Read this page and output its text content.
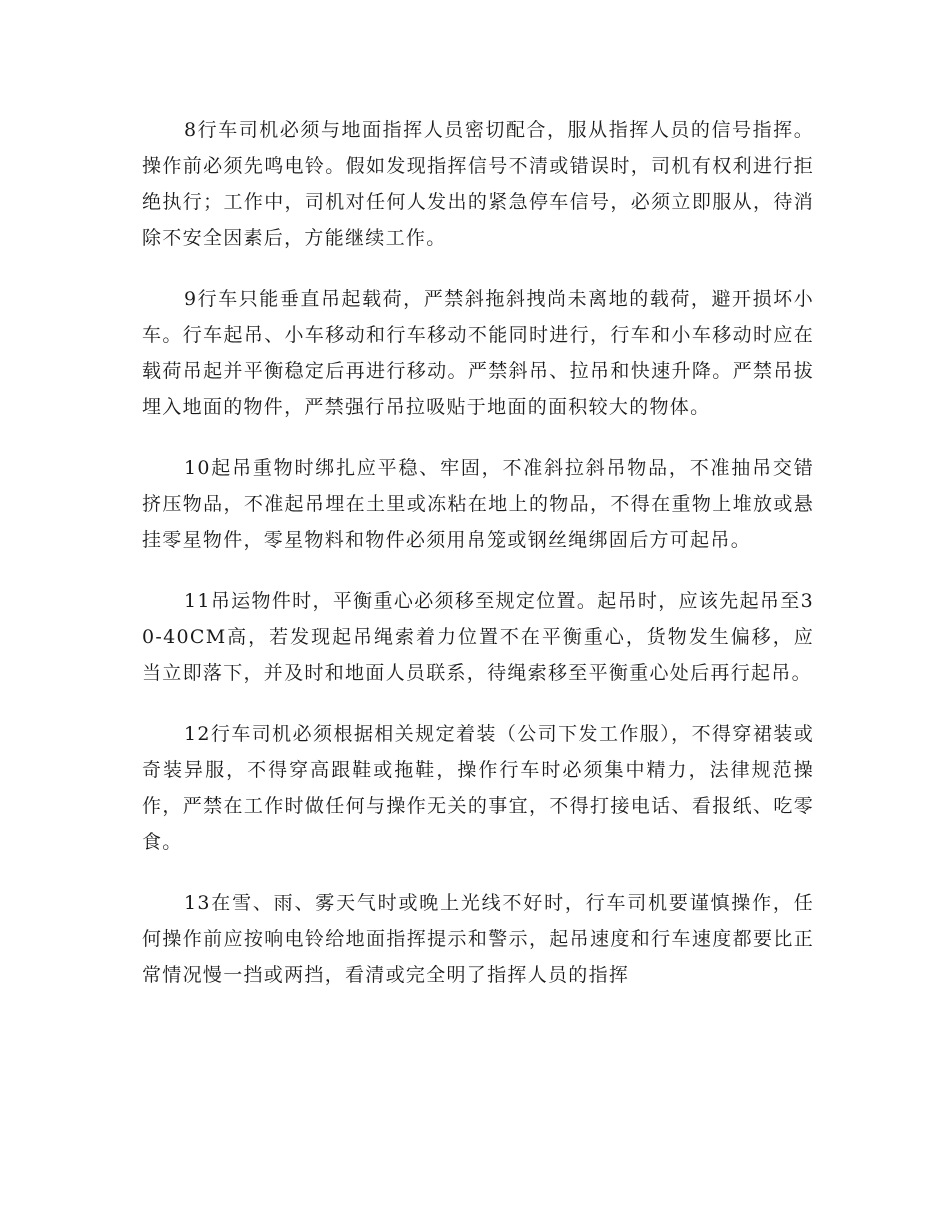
8行车司机必须与地面指挥人员密切配合，服从指挥人员的信号指挥。操作前必须先鸣电铃。假如发现指挥信号不清或错误时，司机有权利进行拒绝执行；工作中，司机对任何人发出的紧急停车信号，必须立即服从，待消除不安全因素后，方能继续工作。

9行车只能垂直吊起载荷，严禁斜拖斜拽尚未离地的载荷，避开损坏小车。行车起吊、小车移动和行车移动不能同时进行，行车和小车移动时应在载荷吊起并平衡稳定后再进行移动。严禁斜吊、拉吊和快速升降。严禁吊拔埋入地面的物件，严禁强行吊拉吸贴于地面的面积较大的物体。

10起吊重物时绑扎应平稳、牢固，不准斜拉斜吊物品，不准抽吊交错挤压物品，不准起吊埋在土里或冻粘在地上的物品，不得在重物上堆放或悬挂零星物件，零星物料和物件必须用帛笼或钢丝绳绑固后方可起吊。

11吊运物件时，平衡重心必须移至规定位置。起吊时，应该先起吊至30-40CM高，若发现起吊绳索着力位置不在平衡重心，货物发生偏移，应当立即落下，并及时和地面人员联系，待绳索移至平衡重心处后再行起吊。

12行车司机必须根据相关规定着装（公司下发工作服），不得穿裙装或奇装异服，不得穿高跟鞋或拖鞋，操作行车时必须集中精力，法律规范操作，严禁在工作时做任何与操作无关的事宜，不得打接电话、看报纸、吃零食。

13在雪、雨、雾天气时或晚上光线不好时，行车司机要谨慎操作，任何操作前应按响电铃给地面指挥提示和警示，起吊速度和行车速度都要比正常情况慢一挡或两挡，看清或完全明了指挥人员的指挥
